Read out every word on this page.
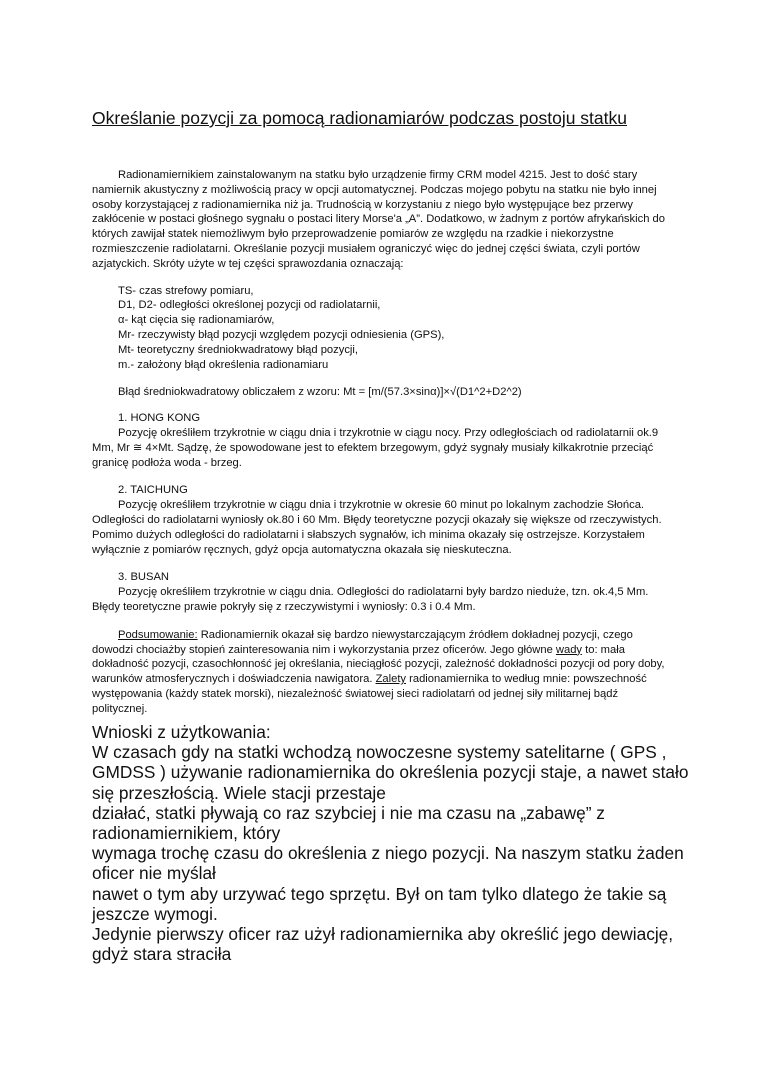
Określanie pozycji za pomocą radionamiarów podczas postoju statku

Radionamiernikiem zainstalowanym na statku było urządzenie firmy CRM model 4215. Jest to dość stary namiernik akustyczny z możliwością pracy w opcji automatycznej. Podczas mojego pobytu na statku nie było innej osoby korzystającej z radionamiernika niż ja. Trudnością w korzystaniu z niego było występujące bez przerwy zakłócenie w postaci głośnego sygnału o postaci litery Morse'a „A”. Dodatkowo, w żadnym z portów afrykańskich do których zawijał statek niemożliwym było przeprowadzenie pomiarów ze względu na rzadkie i niekorzystne rozmieszczenie radiolatarni. Określanie pozycji musiałem ograniczyć więc do jednej części świata, czyli portów azjatyckich. Skróty użyte w tej części sprawozdania oznaczają:

TS- czas strefowy pomiaru,
D1, D2- odległości określonej pozycji od radiolatarnii,
α- kąt cięcia się radionamiarów,
Mr- rzeczywisty błąd pozycji względem pozycji odniesienia (GPS),
Mt- teoretyczny średniokwadratowy błąd pozycji,
m.- założony błąd określenia radionamiaru
Błąd średniokwadratowy obliczałem z wzoru: Mt = [m/(57.3×sinα)]×√(D1^2+D2^2)
1. HONG KONG

Pozycję określiłem trzykrotnie w ciągu dnia i trzykrotnie w ciągu nocy. Przy odległościach od radiolatarnii ok.9 Mm, Mr ≅ 4×Mt. Sądzę, że spowodowane jest to efektem brzegowym, gdyż sygnały musiały kilkakrotnie przeciąć granicę podłoża woda - brzeg.

2. TAICHUNG

Pozycję określiłem trzykrotnie w ciągu dnia i trzykrotnie w okresie 60 minut po lokalnym zachodzie Słońca. Odległości do radiolatarni wyniosły ok.80 i 60 Mm. Błędy teoretyczne pozycji okazały się większe od rzeczywistych. Pomimo dużych odległości do radiolatarni i słabszych sygnałów, ich minima okazały się ostrzejsze. Korzystałem wyłącznie z pomiarów ręcznych, gdyż opcja automatyczna okazała się nieskuteczna.

3. BUSAN

Pozycję określiłem trzykrotnie w ciągu dnia. Odległości do radiolatarni były bardzo nieduże, tzn. ok.4,5 Mm. Błędy teoretyczne prawie pokryły się z rzeczywistymi i wyniosły: 0.3 i 0.4 Mm.

Podsumowanie: Radionamiernik okazał się bardzo niewystarczającym źródłem dokładnej pozycji, czego dowodzi chociażby stopień zainteresowania nim i wykorzystania przez oficerów. Jego główne wady to: mała dokładność pozycji, czasochłonność jej określania, nieciągłość pozycji, zależność dokładności pozycji od pory doby, warunków atmosferycznych i doświadczenia nawigatora. Zalety radionamiernika to według mnie: powszechność występowania (każdy statek morski), niezależność światowej sieci radiolatarń od jednej siły militarnej bądź politycznej.

Wnioski z użytkowania:
W czasach gdy na statki wchodzą nowoczesne systemy satelitarne ( GPS ,
GMDSS ) używanie radionamiernika do określenia pozycji staje, a nawet stało
się przeszłością. Wiele stacji przestaje
działać, statki pływają co raz szybciej i nie ma czasu na „zabawę” z
radionamiernikiem, który
wymaga trochę czasu do określenia z niego pozycji. Na naszym statku żaden
oficer nie myślał
nawet o tym aby urzywać tego sprzętu. Był on tam tylko dlatego że takie są
jeszcze wymogi.
Jedynie pierwszy oficer raz użył radionamiernika aby określić jego dewiację,
gdyż stara straciła
